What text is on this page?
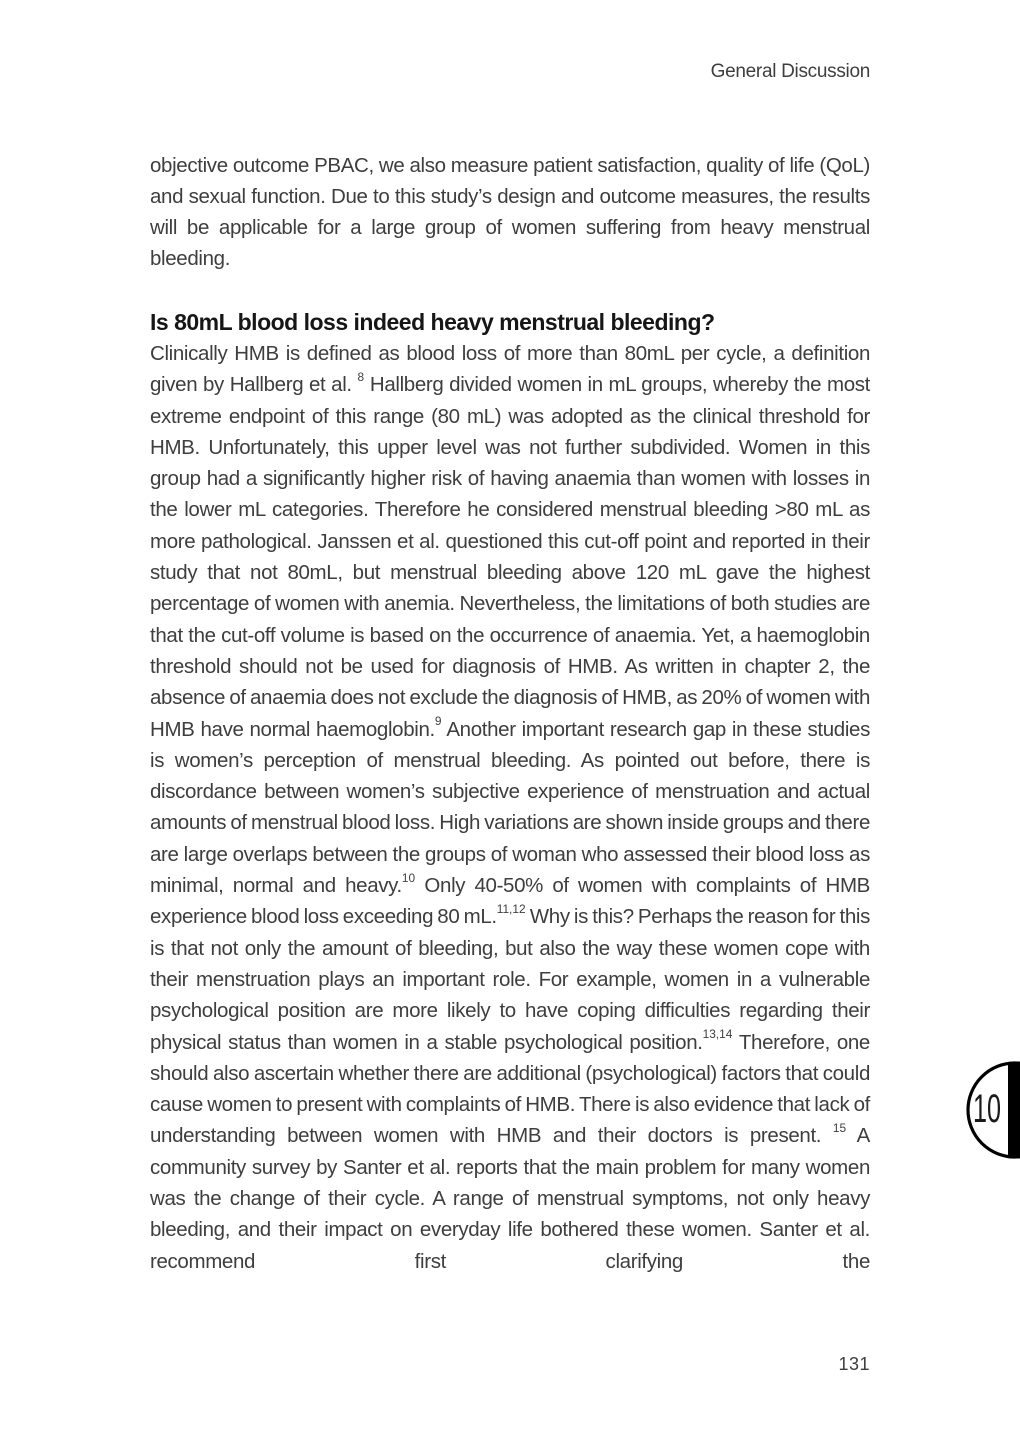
General Discussion

objective outcome PBAC, we also measure patient satisfaction, quality of life (QoL) and sexual function. Due to this study’s design and outcome measures, the results will be applicable for a large group of women suffering from heavy menstrual bleeding.

Is 80mL blood loss indeed heavy menstrual bleeding?

Clinically HMB is defined as blood loss of more than 80mL per cycle, a definition given by Hallberg et al. $^8$ Hallberg divided women in mL groups, whereby the most extreme endpoint of this range (80 mL) was adopted as the clinical threshold for HMB. Unfortunately, this upper level was not further subdivided. Women in this group had a significantly higher risk of having anaemia than women with losses in the lower mL categories. Therefore he considered menstrual bleeding >80 mL as more pathological. Janssen et al. questioned this cut-off point and reported in their study that not 80mL, but menstrual bleeding above 120 mL gave the highest percentage of women with anemia. Nevertheless, the limitations of both studies are that the cut-off volume is based on the occurrence of anaemia. Yet, a haemoglobin threshold should not be used for diagnosis of HMB. As written in chapter 2, the absence of anaemia does not exclude the diagnosis of HMB, as 20% of women with HMB have normal haemoglobin.$^9$ Another important research gap in these studies is women’s perception of menstrual bleeding. As pointed out before, there is discordance between women’s subjective experience of menstruation and actual amounts of menstrual blood loss. High variations are shown inside groups and there are large overlaps between the groups of woman who assessed their blood loss as minimal, normal and heavy.$^{10}$ Only 40-50% of women with complaints of HMB experience blood loss exceeding 80 mL.$^{11,12}$ Why is this? Perhaps the reason for this is that not only the amount of bleeding, but also the way these women cope with their menstruation plays an important role. For example, women in a vulnerable psychological position are more likely to have coping difficulties regarding their physical status than women in a stable psychological position.$^{13,14}$ Therefore, one should also ascertain whether there are additional (psychological) factors that could cause women to present with complaints of HMB. There is also evidence that lack of understanding between women with HMB and their doctors is present. $^{15}$ A community survey by Santer et al. reports that the main problem for many women was the change of their cycle. A range of menstrual symptoms, not only heavy bleeding, and their impact on everyday life bothered these women. Santer et al. recommend first clarifying the

10
131
